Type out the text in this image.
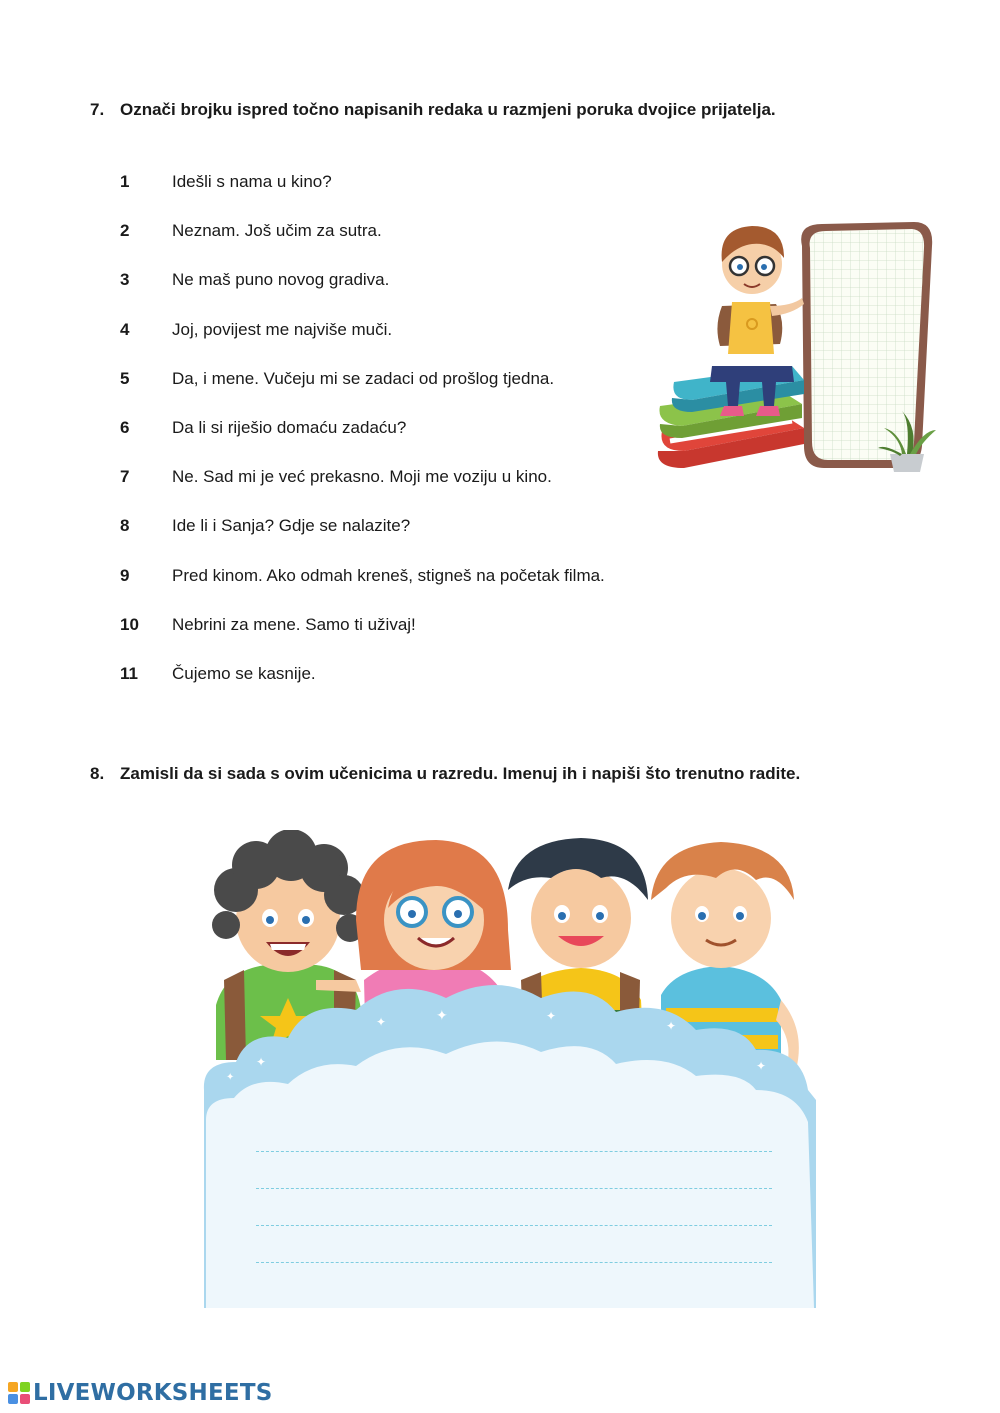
7. Označi brojku ispred točno napisanih redaka u razmjeni poruka dvojice prijatelja.
1	Idešli s nama u kino?
2	Neznam. Još učim za sutra.
3	Ne maš puno novog gradiva.
4	Joj, povijest me najviše muči.
5	Da, i mene. Vučeju mi se zadaci od prošlog tjedna.
6	Da li si riješio domaću zadaću?
7	Ne. Sad mi je već prekasno. Moji me voziju u kino.
8	Ide li i Sanja? Gdje se nalazite?
9	Pred kinom. Ako odmah kreneš, stigneš na početak filma.
10	Nebrini za mene. Samo ti uživaj!
11	Čujemo se kasnije.
8. Zamisli da si sada s ovim učenicima u razredu. Imenuj ih i napiši što trenutno radite.
✦
✦	✦	✦
✦
✦
✦
LIVEWORKSHEETS
